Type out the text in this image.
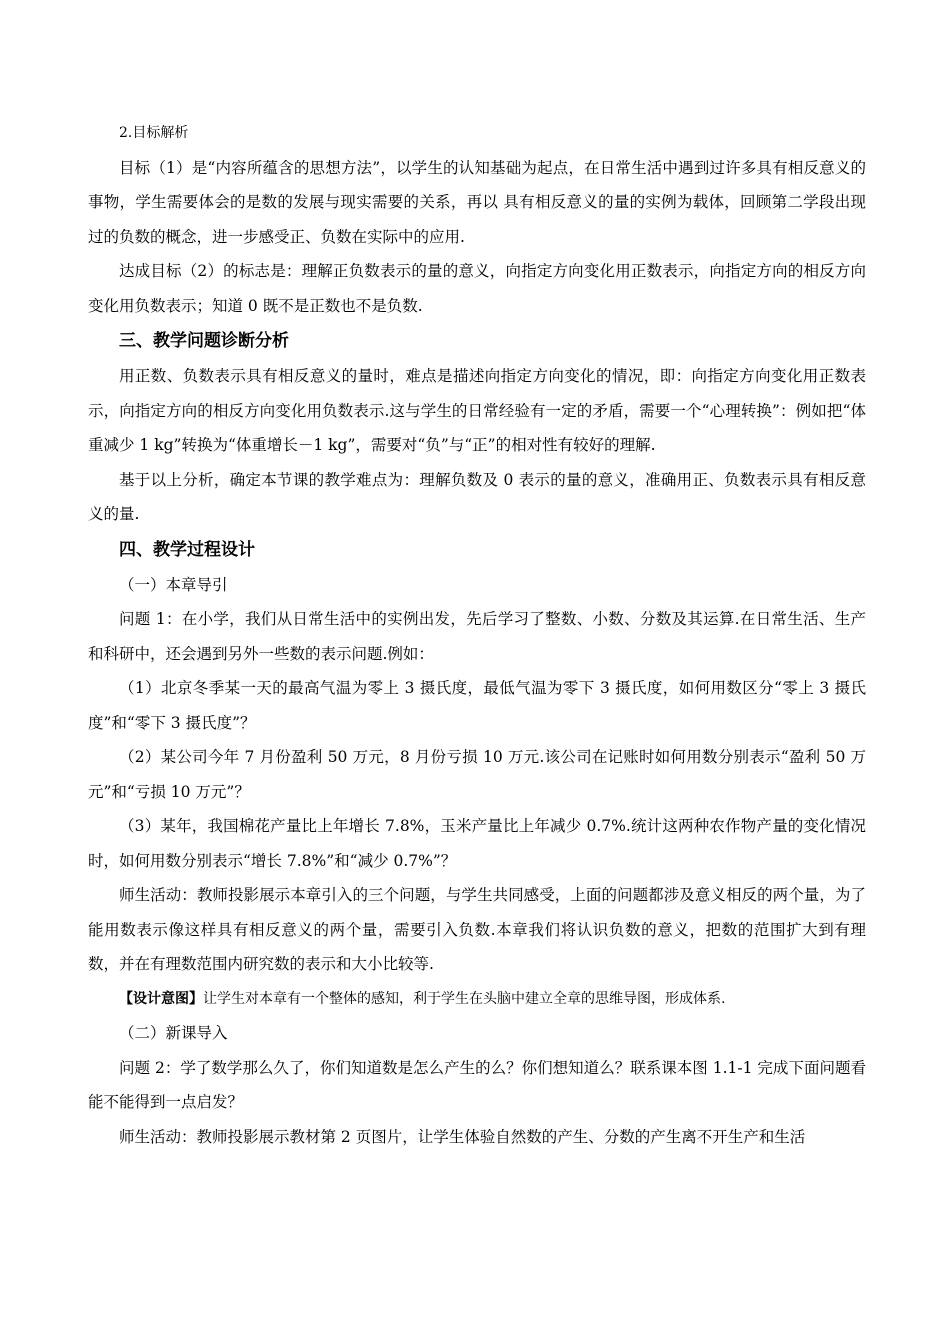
2.目标解析

目标（1）是“内容所蕴含的思想方法”，以学生的认知基础为起点，在日常生活中遇到过许多具有相反意义的事物，学生需要体会的是数的发展与现实需要的关系，再以 具有相反意义的量的实例为载体，回顾第二学段出现过的负数的概念，进一步感受正、负数在实际中的应用.

达成目标（2）的标志是：理解正负数表示的量的意义，向指定方向变化用正数表示，向指定方向的相反方向变化用负数表示；知道 0 既不是正数也不是负数.

三、教学问题诊断分析

用正数、负数表示具有相反意义的量时，难点是描述向指定方向变化的情况，即：向指定方向变化用正数表示，向指定方向的相反方向变化用负数表示.这与学生的日常经验有一定的矛盾，需要一个“心理转换”：例如把“体重减少 1 kg”转换为“体重增长－1 kg”，需要对“负”与“正”的相对性有较好的理解.

基于以上分析，确定本节课的教学难点为：理解负数及 0 表示的量的意义，准确用正、负数表示具有相反意义的量.

四、教学过程设计

（一）本章导引

问题 1：在小学，我们从日常生活中的实例出发，先后学习了整数、小数、分数及其运算.在日常生活、生产和科研中，还会遇到另外一些数的表示问题.例如：

（1）北京冬季某一天的最高气温为零上 3 摄氏度，最低气温为零下 3 摄氏度，如何用数区分“零上 3 摄氏度”和“零下 3 摄氏度”？

（2）某公司今年 7 月份盈利 50 万元，8 月份亏损 10 万元.该公司在记账时如何用数分别表示“盈利 50 万元”和“亏损 10 万元”？

（3）某年，我国棉花产量比上年增长 7.8%，玉米产量比上年减少 0.7%.统计这两种农作物产量的变化情况时，如何用数分别表示“增长 7.8%”和“减少 0.7%”？

师生活动：教师投影展示本章引入的三个问题，与学生共同感受，上面的问题都涉及意义相反的两个量，为了能用数表示像这样具有相反意义的两个量，需要引入负数.本章我们将认识负数的意义，把数的范围扩大到有理数，并在有理数范围内研究数的表示和大小比较等.

【设计意图】让学生对本章有一个整体的感知，利于学生在头脑中建立全章的思维导图，形成体系.

（二）新课导入

问题 2：学了数学那么久了，你们知道数是怎么产生的么？你们想知道么？联系课本图 1.1-1 完成下面问题看能不能得到一点启发？

师生活动：教师投影展示教材第 2 页图片，让学生体验自然数的产生、分数的产生离不开生产和生活
